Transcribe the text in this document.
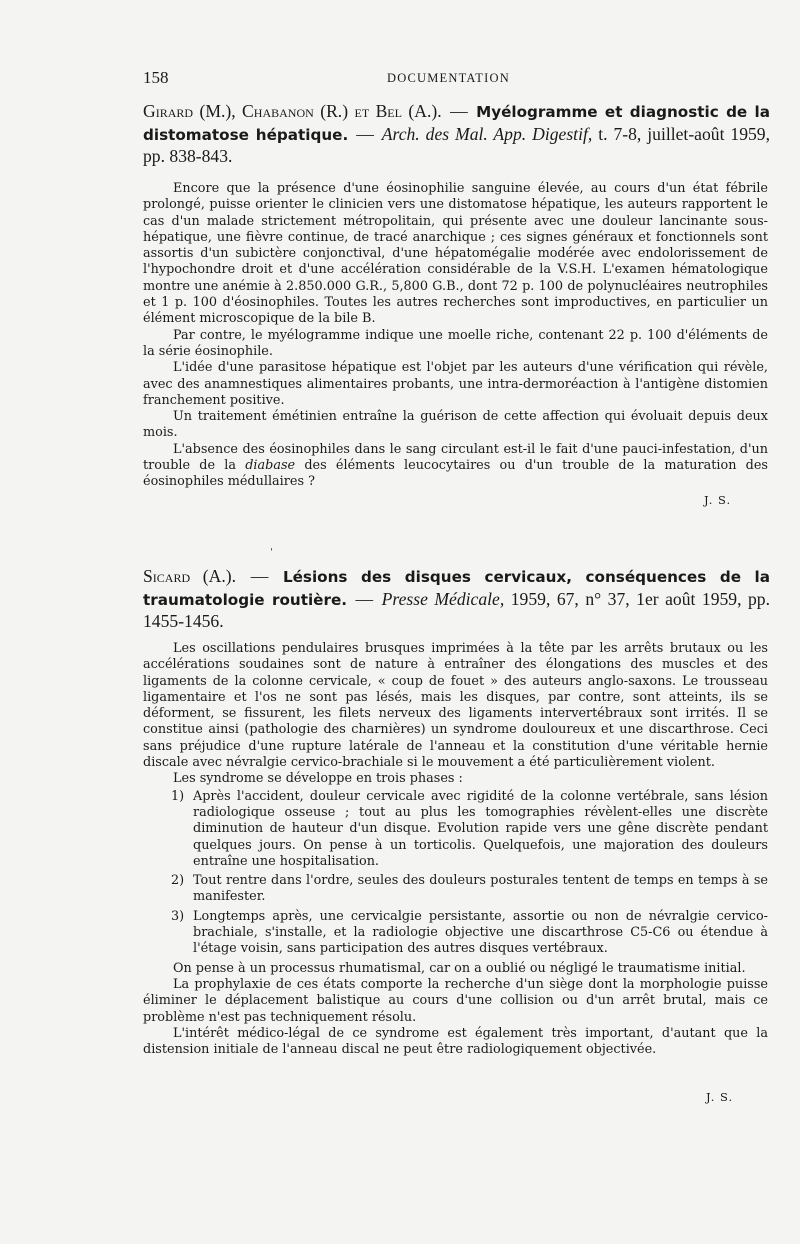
158	DOCUMENTATION
Girard (M.), Chabanon (R.) et Bel (A.). — Myélogramme et diagnostic de la distomatose hépatique. — Arch. des Mal. App. Digestif, t. 7-8, juillet-août 1959, pp. 838-843.

Encore que la présence d'une éosinophilie sanguine élevée, au cours d'un état fébrile prolongé, puisse orienter le clinicien vers une distomatose hépatique, les auteurs rapportent le cas d'un malade strictement métropolitain, qui présente avec une douleur lancinante sous-hépatique, une fièvre continue, de tracé anarchique ; ces signes généraux et fonctionnels sont assortis d'un subictère conjonctival, d'une hépatomégalie modérée avec endolorissement de l'hypochondre droit et d'une accélération considérable de la V.S.H. L'examen hématologique montre une anémie à 2.850.000 G.R., 5,800 G.B., dont 72 p. 100 de polynucléaires neutrophiles et 1 p. 100 d'éosinophiles. Toutes les autres recherches sont improductives, en particulier un élément microscopique de la bile B.

Par contre, le myélogramme indique une moelle riche, contenant 22 p. 100 d'éléments de la série éosinophile.

L'idée d'une parasitose hépatique est l'objet par les auteurs d'une vérification qui révèle, avec des anamnestiques alimentaires probants, une intra-dermoréaction à l'antigène distomien franchement positive.

Un traitement émétinien entraîne la guérison de cette affection qui évoluait depuis deux mois.

L'absence des éosinophiles dans le sang circulant est-il le fait d'une pauci-infestation, d'un trouble de la diabase des éléments leucocytaires ou d'un trouble de la maturation des éosinophiles médullaires ?

J. S.
ˈ
Sicard (A.). — Lésions des disques cervicaux, conséquences de la traumatologie routière. — Presse Médicale, 1959, 67, n° 37, 1er août 1959, pp. 1455-1456.

Les oscillations pendulaires brusques imprimées à la tête par les arrêts brutaux ou les accélérations soudaines sont de nature à entraîner des élongations des muscles et des ligaments de la colonne cervicale, « coup de fouet » des auteurs anglo-saxons. Le trousseau ligamentaire et l'os ne sont pas lésés, mais les disques, par contre, sont atteints, ils se déforment, se fissurent, les filets nerveux des ligaments intervertébraux sont irrités. Il se constitue ainsi (pathologie des charnières) un syndrome douloureux et une discarthrose. Ceci sans préjudice d'une rupture latérale de l'anneau et la constitution d'une véritable hernie discale avec névralgie cervico-brachiale si le mouvement a été particulièrement violent.

Les syndrome se développe en trois phases :

1) Après l'accident, douleur cervicale avec rigidité de la colonne vertébrale, sans lésion radiologique osseuse ; tout au plus les tomographies révèlent-elles une discrète diminution de hauteur d'un disque. Evolution rapide vers une gêne discrète pendant quelques jours. On pense à un torticolis. Quelquefois, une majoration des douleurs entraîne une hospitalisation.
2) Tout rentre dans l'ordre, seules des douleurs posturales tentent de temps en temps à se manifester.
3) Longtemps après, une cervicalgie persistante, assortie ou non de névralgie cervico-brachiale, s'installe, et la radiologie objective une discarthrose C5-C6 ou étendue à l'étage voisin, sans participation des autres disques vertébraux.

On pense à un processus rhumatismal, car on a oublié ou négligé le traumatisme initial.

La prophylaxie de ces états comporte la recherche d'un siège dont la morphologie puisse éliminer le déplacement balistique au cours d'une collision ou d'un arrêt brutal, mais ce problème n'est pas techniquement résolu.

L'intérêt médico-légal de ce syndrome est également très important, d'autant que la distension initiale de l'anneau discal ne peut être radiologiquement objectivée.

J. S.
